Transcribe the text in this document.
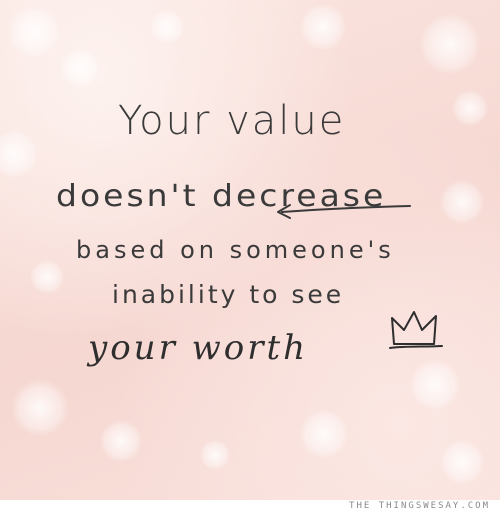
Your value
doesn't decrease
based on someone's
inability to see
your worth
THE THINGSWESAY.COM
